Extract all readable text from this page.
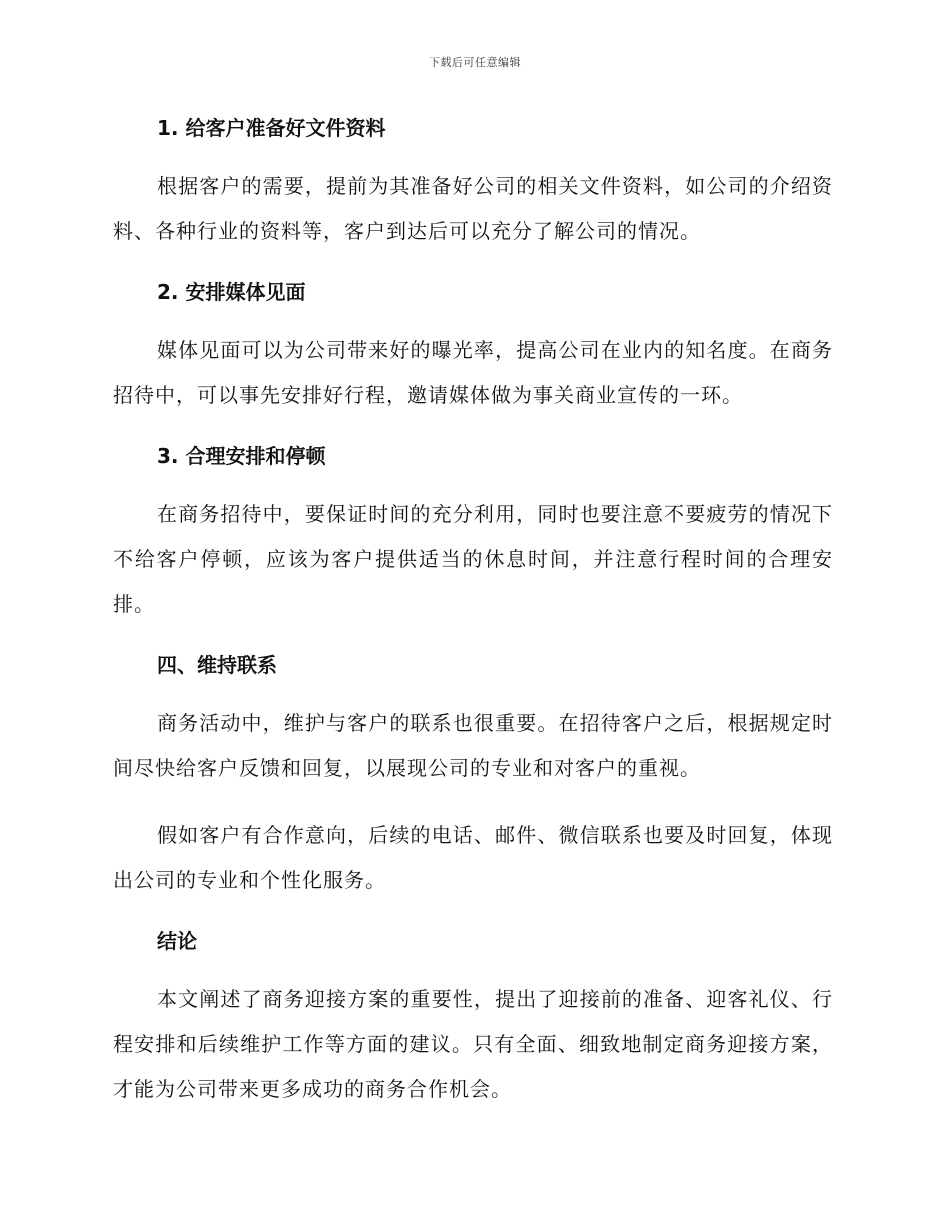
下载后可任意编辑

1. 给客户准备好文件资料

根据客户的需要，提前为其准备好公司的相关文件资料，如公司的介绍资料、各种行业的资料等，客户到达后可以充分了解公司的情况。

2. 安排媒体见面

媒体见面可以为公司带来好的曝光率，提高公司在业内的知名度。在商务招待中，可以事先安排好行程，邀请媒体做为事关商业宣传的一环。

3. 合理安排和停顿

在商务招待中，要保证时间的充分利用，同时也要注意不要疲劳的情况下不给客户停顿，应该为客户提供适当的休息时间，并注意行程时间的合理安排。

四、维持联系

商务活动中，维护与客户的联系也很重要。在招待客户之后，根据规定时间尽快给客户反馈和回复，以展现公司的专业和对客户的重视。

假如客户有合作意向，后续的电话、邮件、微信联系也要及时回复，体现出公司的专业和个性化服务。

结论

本文阐述了商务迎接方案的重要性，提出了迎接前的准备、迎客礼仪、行程安排和后续维护工作等方面的建议。只有全面、细致地制定商务迎接方案，才能为公司带来更多成功的商务合作机会。
